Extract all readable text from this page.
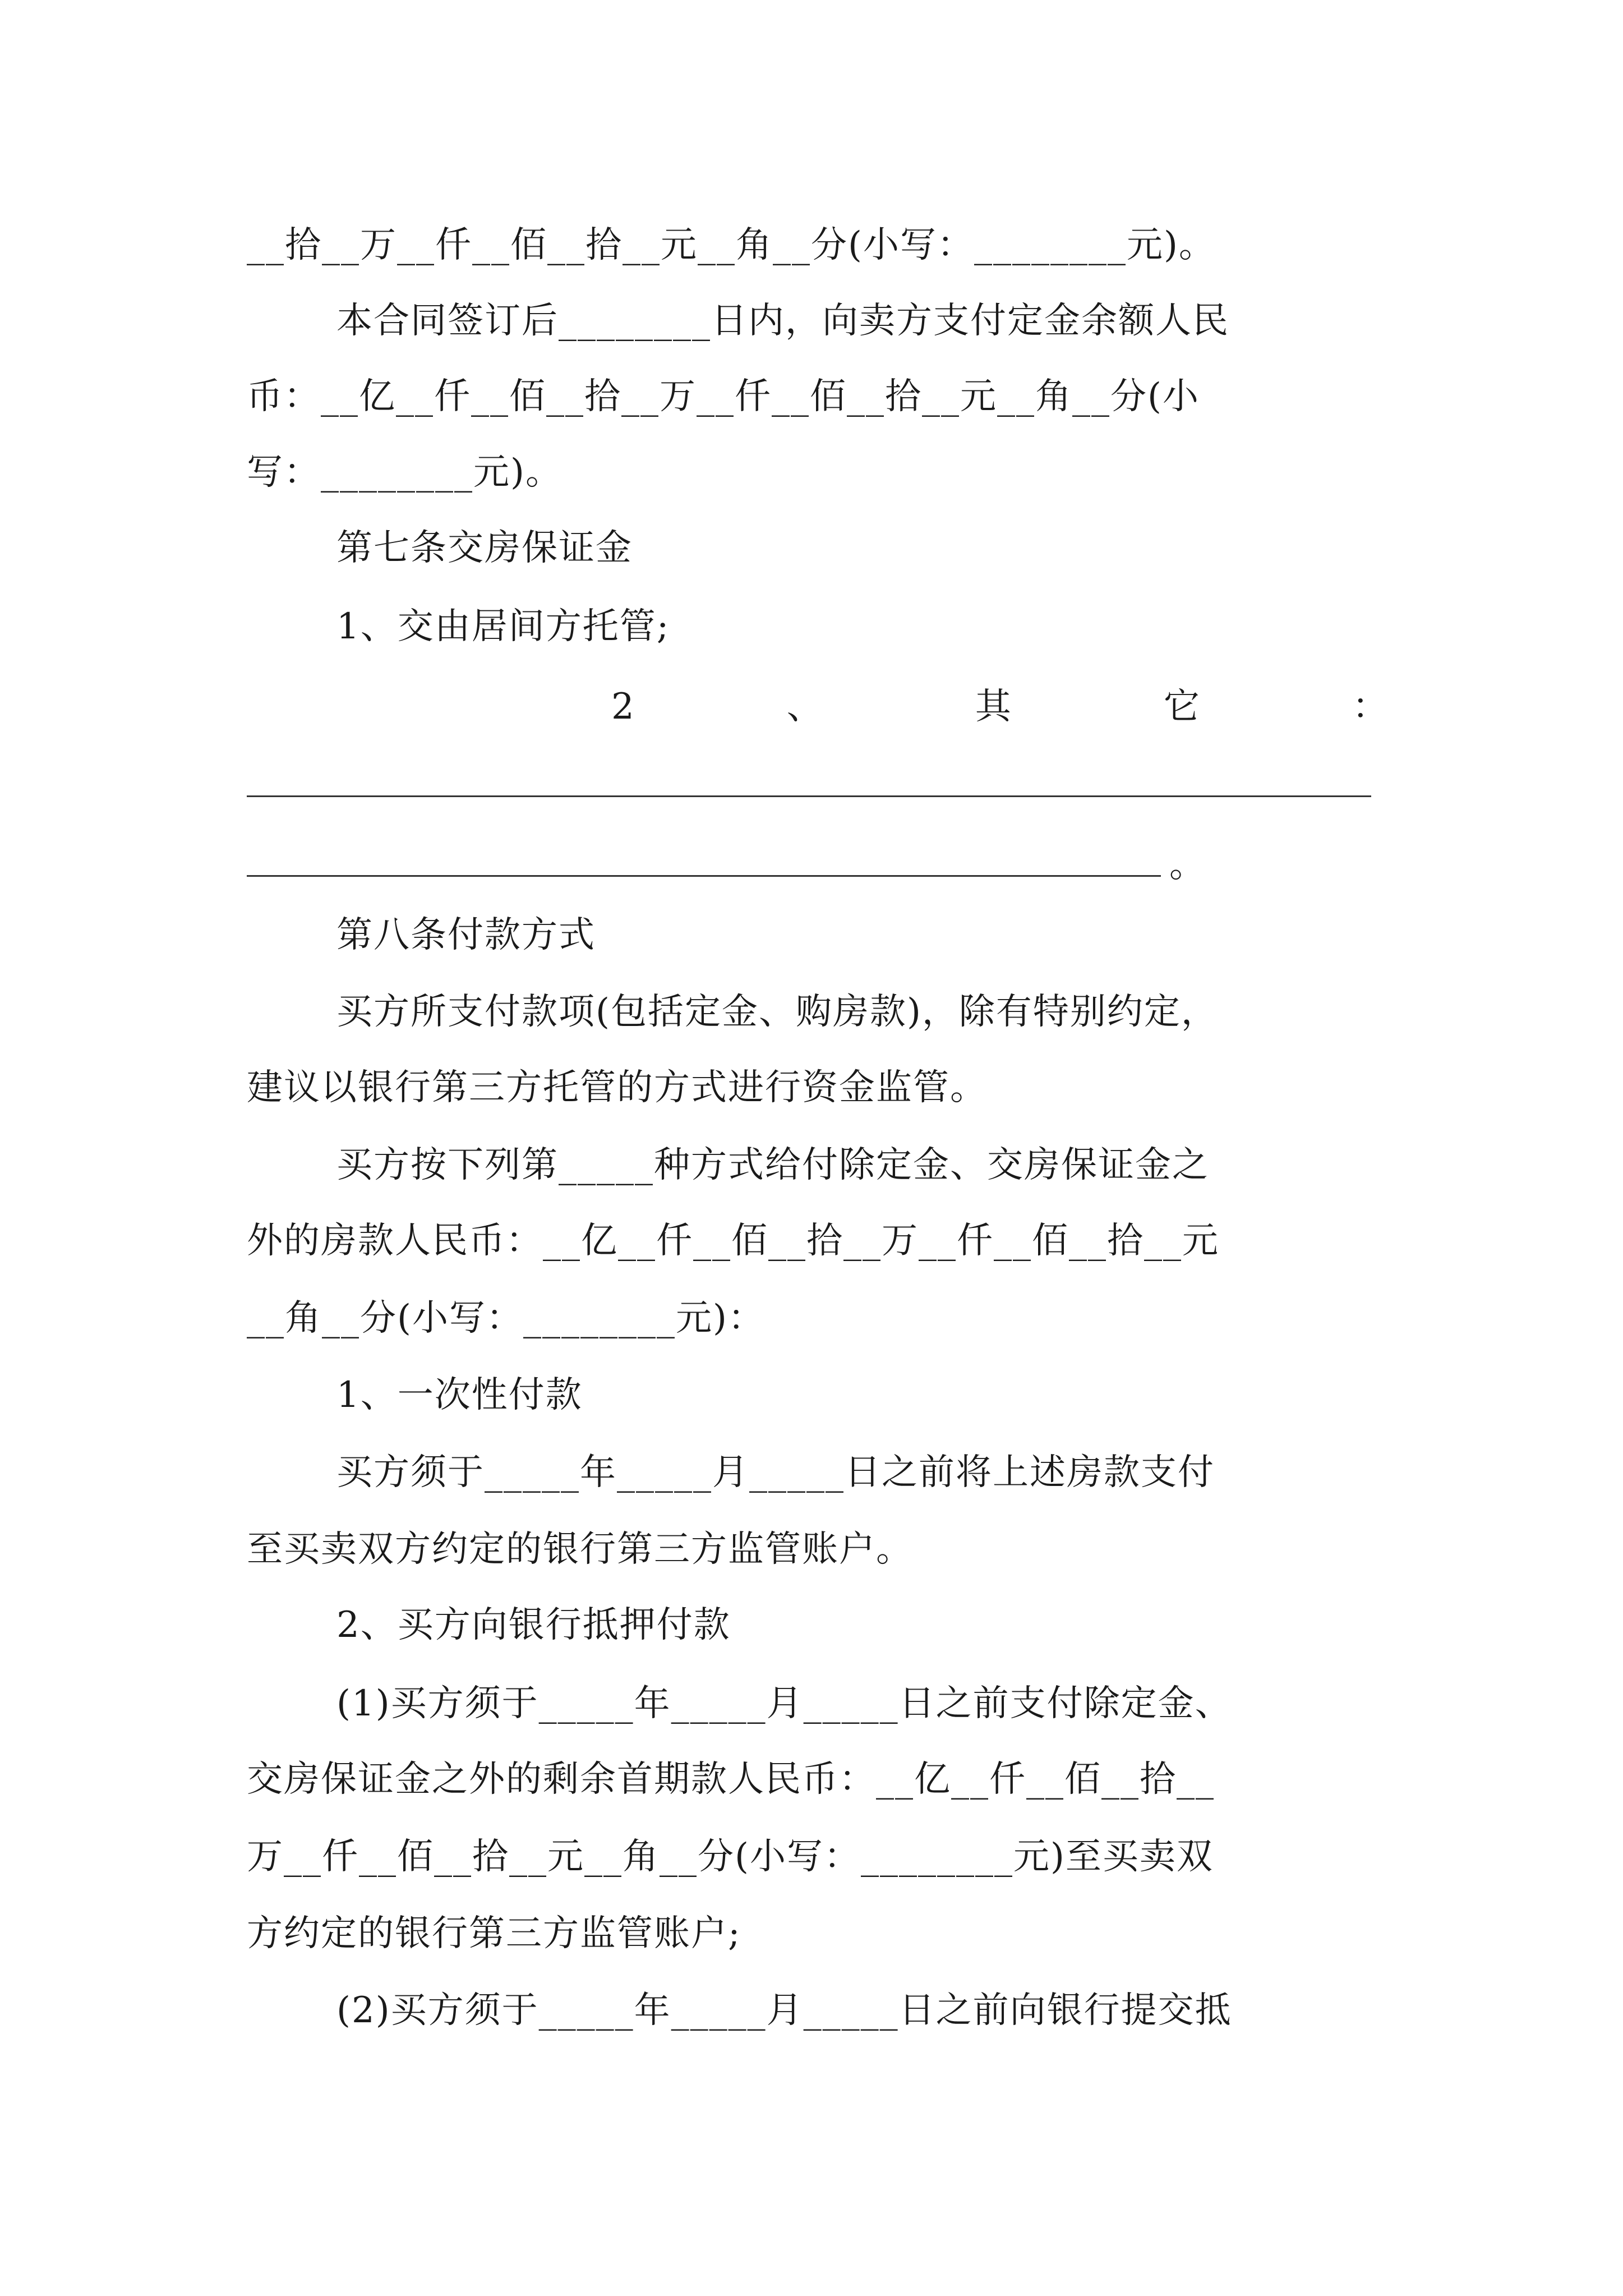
__拾__万__仟__佰__拾__元__角__分(小写：________元)。

本合同签订后________日内，向卖方支付定金余额人民

币：__亿__仟__佰__拾__万__仟__佰__拾__元__角__分(小

写：________元)。

第七条交房保证金

1、交由居间方托管;

2	、	其	它	：
。

第八条付款方式

买方所支付款项(包括定金、购房款)，除有特别约定，

建议以银行第三方托管的方式进行资金监管。

买方按下列第_____种方式给付除定金、交房保证金之

外的房款人民币：__亿__仟__佰__拾__万__仟__佰__拾__元

__角__分(小写：________元)：

1、一次性付款

买方须于_____年_____月_____日之前将上述房款支付

至买卖双方约定的银行第三方监管账户。

2、买方向银行抵押付款

(1)买方须于_____年_____月_____日之前支付除定金、

交房保证金之外的剩余首期款人民币：__亿__仟__佰__拾__

万__仟__佰__拾__元__角__分(小写：________元)至买卖双

方约定的银行第三方监管账户;

(2)买方须于_____年_____月_____日之前向银行提交抵
